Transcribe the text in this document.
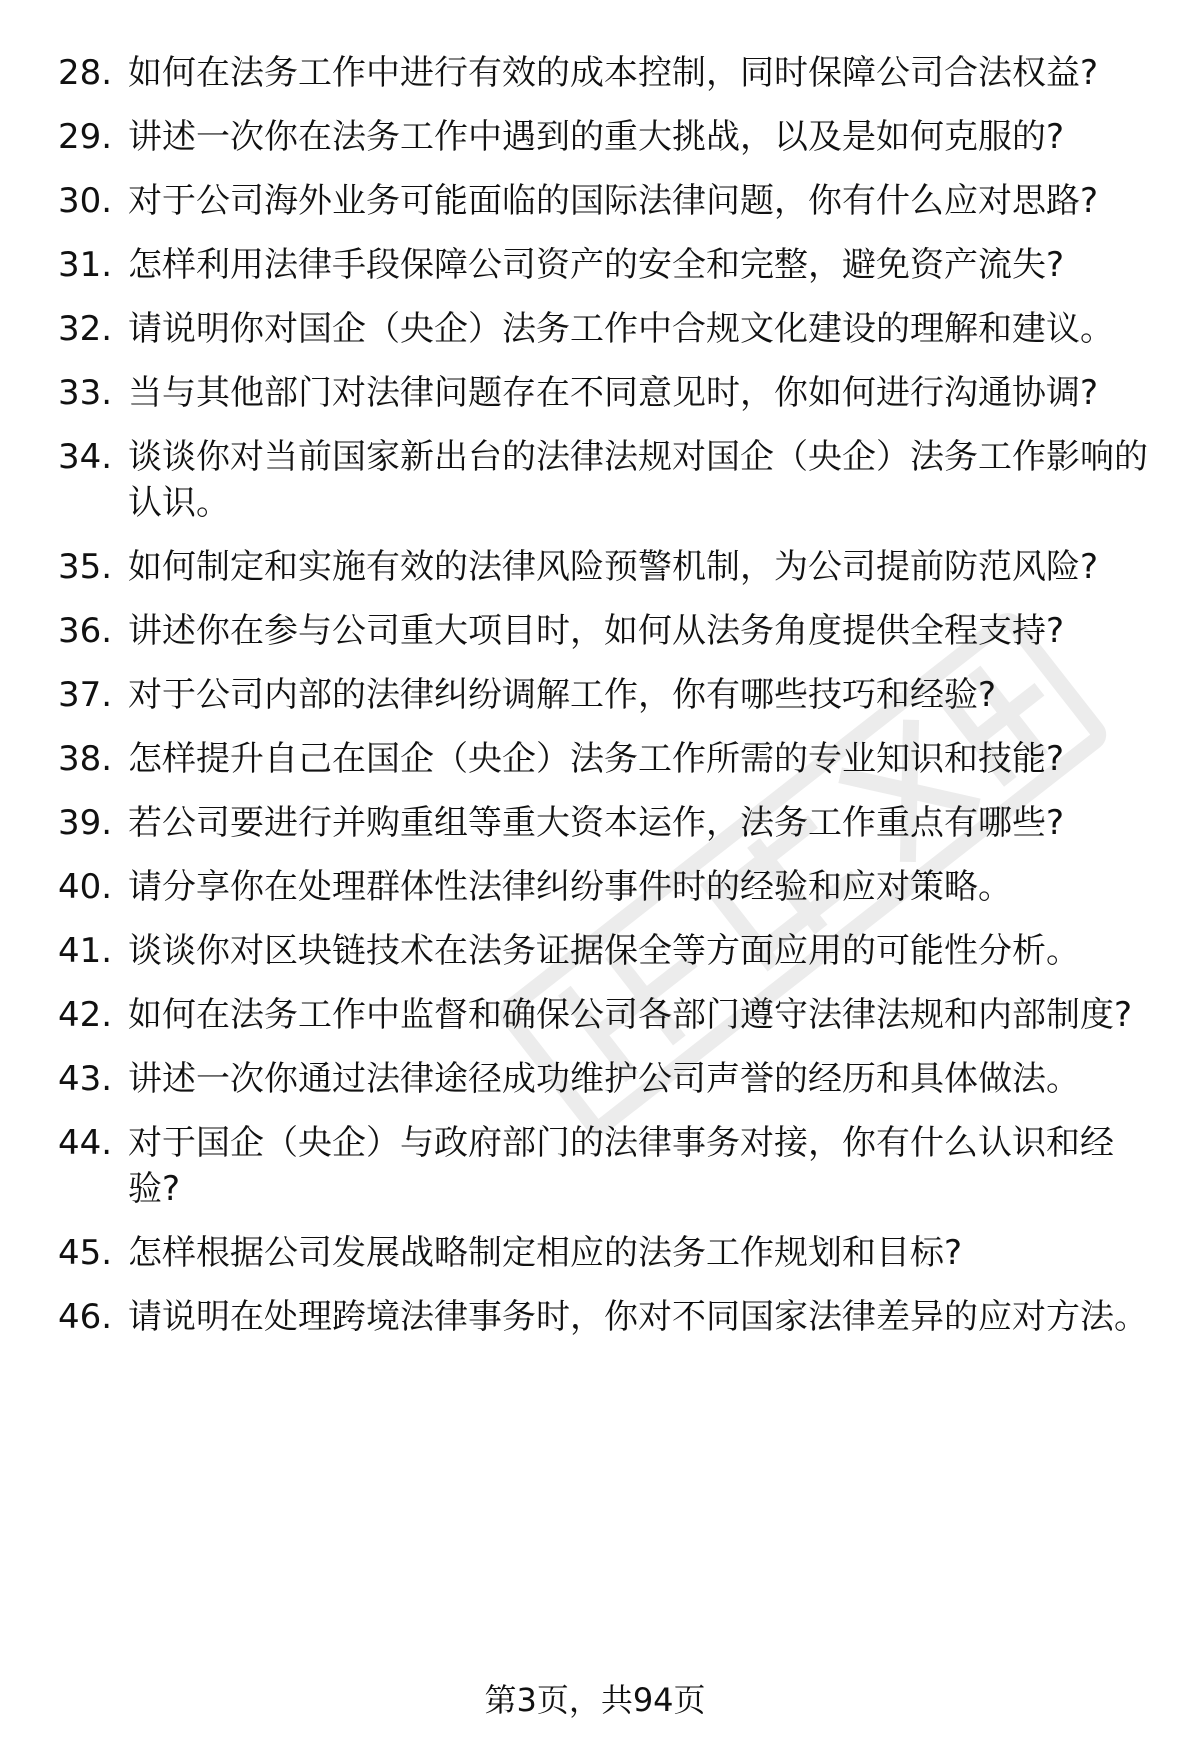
28. 如何在法务工作中进行有效的成本控制，同时保障公司合法权益?
29. 讲述一次你在法务工作中遇到的重大挑战，以及是如何克服的?
30. 对于公司海外业务可能面临的国际法律问题，你有什么应对思路?
31. 怎样利用法律手段保障公司资产的安全和完整，避免资产流失?
32. 请说明你对国企（央企）法务工作中合规文化建设的理解和建议。
33. 当与其他部门对法律问题存在不同意见时，你如何进行沟通协调?
34. 谈谈你对当前国家新出台的法律法规对国企（央企）法务工作影响的认识。
35. 如何制定和实施有效的法律风险预警机制，为公司提前防范风险?
36. 讲述你在参与公司重大项目时，如何从法务角度提供全程支持?
37. 对于公司内部的法律纠纷调解工作，你有哪些技巧和经验?
38. 怎样提升自己在国企（央企）法务工作所需的专业知识和技能?
39. 若公司要进行并购重组等重大资本运作，法务工作重点有哪些?
40. 请分享你在处理群体性法律纠纷事件时的经验和应对策略。
41. 谈谈你对区块链技术在法务证据保全等方面应用的可能性分析。
42. 如何在法务工作中监督和确保公司各部门遵守法律法规和内部制度?
43. 讲述一次你通过法律途径成功维护公司声誉的经历和具体做法。
44. 对于国企（央企）与政府部门的法律事务对接，你有什么认识和经验?
45. 怎样根据公司发展战略制定相应的法务工作规划和目标?
46. 请说明在处理跨境法律事务时，你对不同国家法律差异的应对方法。
第3页，共94页
